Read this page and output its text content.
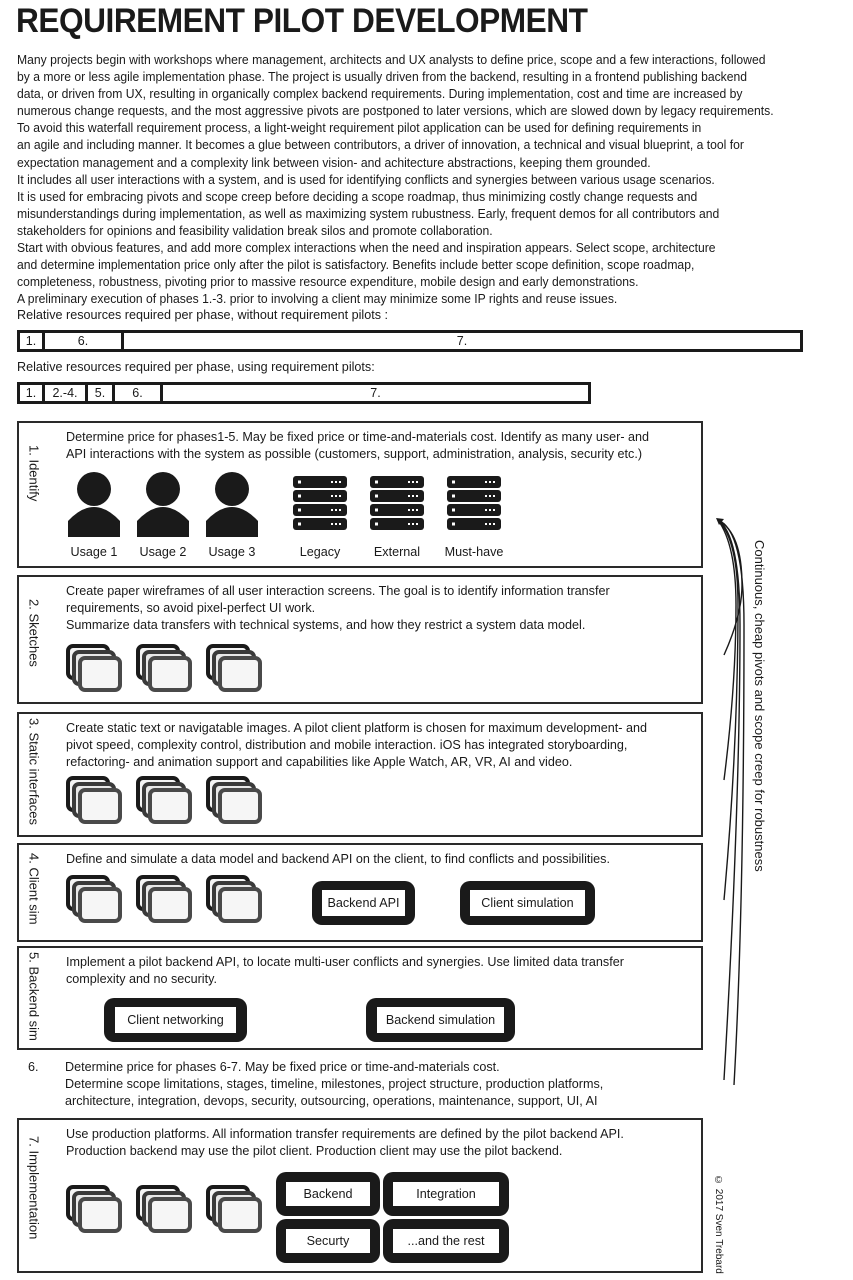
REQUIREMENT PILOT DEVELOPMENT

Many projects begin with workshops where management, architects and UX analysts to define price, scope and a few interactions, followed

by a more or less agile implementation phase. The project is usually driven from the backend, resulting in a frontend publishing backend

data, or driven from UX, resulting in organically complex backend requirements. During implementation, cost and time are increased by

numerous change requests, and the most aggressive pivots are postponed to later versions, which are slowed down by legacy requirements.

To avoid this waterfall requirement process, a light-weight requirement pilot application can be used for defining requirements in

an agile and including manner. It becomes a glue between contributors, a driver of innovation, a technical and visual blueprint, a tool for

expectation management and a complexity link between vision- and achitecture abstractions, keeping them grounded.

It includes all user interactions with a system, and is used for identifying conflicts and synergies between various usage scenarios.

It is used for embracing pivots and scope creep before deciding a scope roadmap, thus minimizing costly change requests and

misunderstandings during implementation, as well as maximizing system rubustness. Early, frequent demos for all contributors and

stakeholders for opinions and feasibility validation break silos and promote collaboration.

Start with obvious features, and add more complex interactions when the need and inspiration appears. Select scope, architecture

and determine implementation price only after the pilot is satisfactory. Benefits include better scope definition, scope roadmap,

completeness, robustness, pivoting prior to massive resource expenditure, mobile design and early demonstrations.

A preliminary execution of phases 1.-3. prior to involving a client may minimize some IP rights and reuse issues.

Relative resources required per phase, without requirement pilots :
1.	6.	7.
Relative resources required per phase, using requirement pilots:
1.	2.-4.	5.	6.	7.
1. Identify

Determine price for phases1-5. May be fixed price or time-and-materials cost. Identify as many user- and

API interactions with the system as possible (customers, support, administration, analysis, security etc.)

Usage 1	Usage 2	Usage 3	Legacy	External	Must-have
2. Sketches

Create paper wireframes of all user interaction screens. The goal is to identify information transfer

requirements, so avoid pixel-perfect UI work.

Summarize data transfers with technical systems, and how they restrict a system data model.

3. Static interfaces Create static text or navigatable images. A pilot client platform is chosen for maximum development- and

pivot speed, complexity control, distribution and mobile interaction. iOS has integrated storyboarding,

refactoring- and animation support and capabilities like Apple Watch, AR, VR, AI and video.

4. Client sim Define and simulate a data model and backend API on the client, to find conflicts and possibilities.

Backend API	Client simulation
5. Backend sim Implement a pilot backend API, to locate multi-user conflicts and synergies. Use limited data transfer

complexity and no security.

Client networking	Backend simulation
6. Determine price for phases 6-7. May be fixed price or time-and-materials cost.

Determine scope limitations, stages, timeline, milestones, project structure, production platforms,

architecture, integration, devops, security, outsourcing, operations, maintenance, support, UI, AI

7. Implementation

Use production platforms. All information transfer requirements are defined by the pilot backend API.

Production backend may use the pilot client. Production client may use the pilot backend.

Backend	Integration
Securty	...and the rest
Continuous, cheap pivots and scope creep for robustness
© 2017 Sven Trebard
